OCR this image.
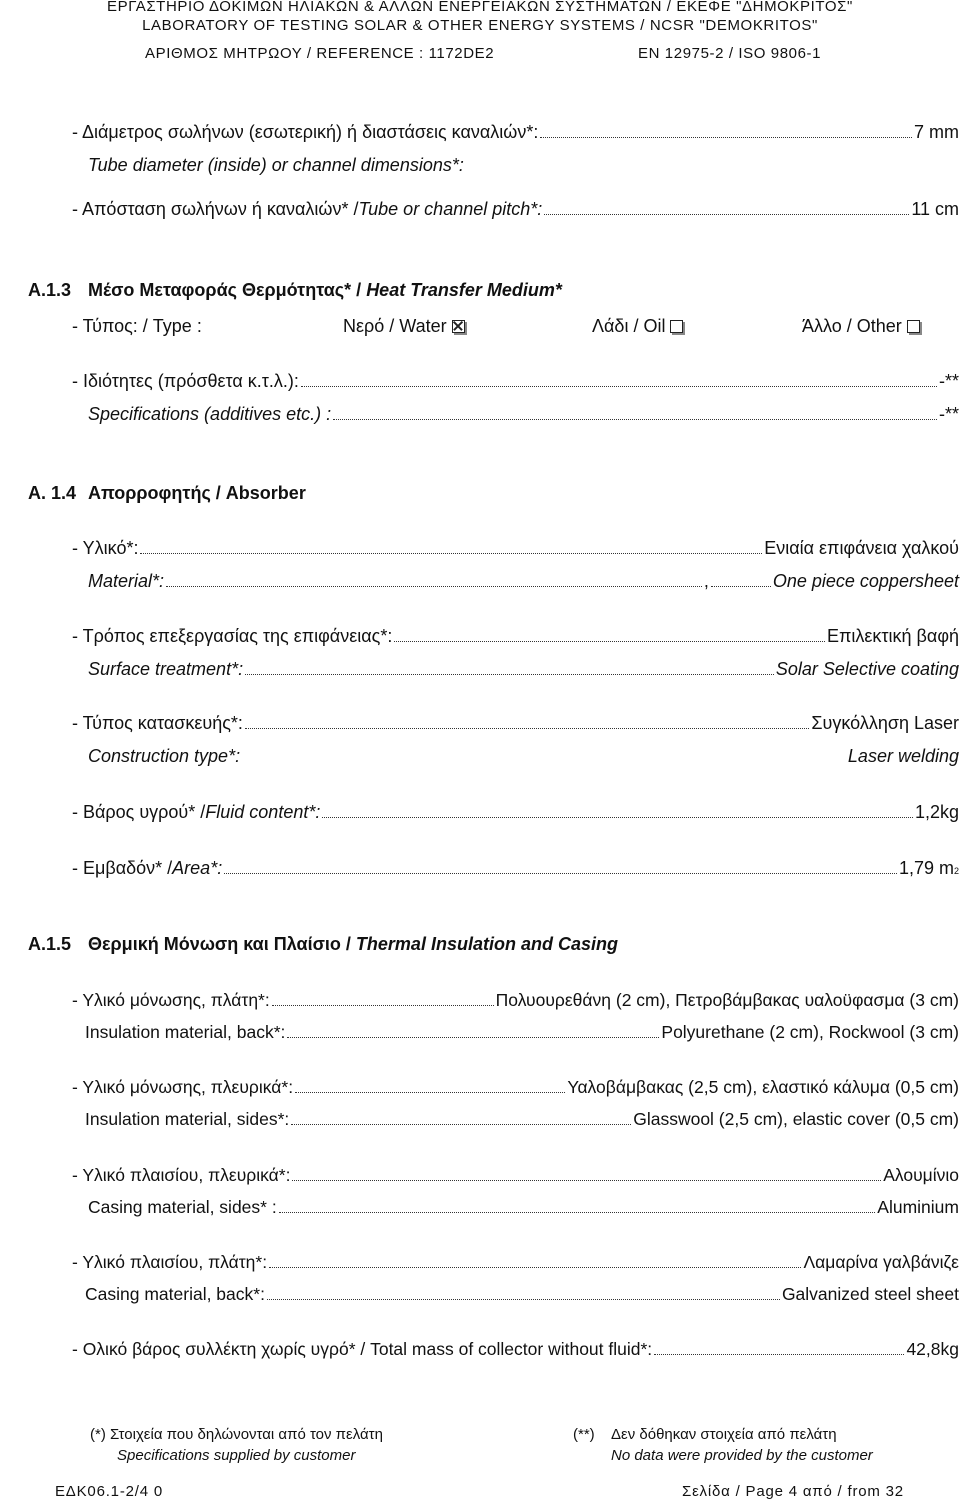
ΕΡΓΑΣΤΗΡΙΟ ΔΟΚΙΜΩΝ ΗΛΙΑΚΩΝ & ΑΛΛΩΝ ΕΝΕΡΓΕΙΑΚΩΝ ΣΥΣΤΗΜΑΤΩΝ / ΕΚΕΦΕ "ΔΗΜΟΚΡΙΤΟΣ"
LABORATORY OF TESTING SOLAR & OTHER ENERGY SYSTEMS / NCSR "DEMOKRITOS"
ΑΡΙΘΜΟΣ ΜΗΤΡΩΟΥ / REFERENCE : 1172DE2	EN 12975-2 / ISO 9806-1
- Διάμετρος σωλήνων (εσωτερική) ή διαστάσεις καναλιών*:	7 mm
Tube diameter (inside) or channel dimensions*:
- Απόσταση σωλήνων ή καναλιών* / Tube or channel pitch*:	11 cm
A.1.3 Μέσο Μεταφοράς Θερμότητας* / Heat Transfer Medium*
- Τύπος: / Type :	Νερό / Water	Λάδι / Oil	Άλλο / Other
- Ιδιότητες (πρόσθετα κ.τ.λ.):	-**
Specifications (additives etc.) :	-**
A. 1.4 Απορροφητής / Absorber
- Υλικό*:	Ενιαία επιφάνεια χαλκού
Material*:	,	One piece coppersheet
- Τρόπος επεξεργασίας της επιφάνειας*:	Επιλεκτική βαφή
Surface treatment*:	Solar Selective coating
- Τύπος κατασκευής*:	Συγκόλληση Laser
Construction type*:	Laser welding
- Βάρος υγρού* / Fluid content*:	1,2kg
- Εμβαδόν* / Area*:	1,79 m 2
A.1.5 Θερμική Μόνωση και Πλαίσιο / Thermal Insulation and Casing
- Υλικό μόνωσης, πλάτη*:	Πολυουρεθάνη (2 cm), Πετροβάμβακας υαλοϋφασμα (3 cm)
Insulation material, back*:	Polyurethane (2 cm), Rockwool (3 cm)
- Υλικό μόνωσης, πλευρικά*:	Υαλοβάμβακας (2,5 cm), ελαστικό κάλυμα (0,5 cm)
Insulation material, sides*:	Glasswool (2,5 cm), elastic cover (0,5 cm)
- Υλικό πλαισίου, πλευρικά*:	Αλουμίνιο
Casing material, sides* :	Aluminium
- Υλικό πλαισίου, πλάτη*:	Λαμαρίνα γαλβάνιζε
Casing material, back*:	Galvanized steel sheet
- Ολικό βάρος συλλέκτη χωρίς υγρό* / Total mass of collector without fluid*:	42,8kg
(*) Στοιχεία που δηλώνονται από τον πελάτη
Specifications supplied by customer
(**) Δεν δόθηκαν στοιχεία από πελάτη
No data were provided by the customer
ΕΔΚ06.1-2/4 0	Σελίδα / Page 4 από / from 32
